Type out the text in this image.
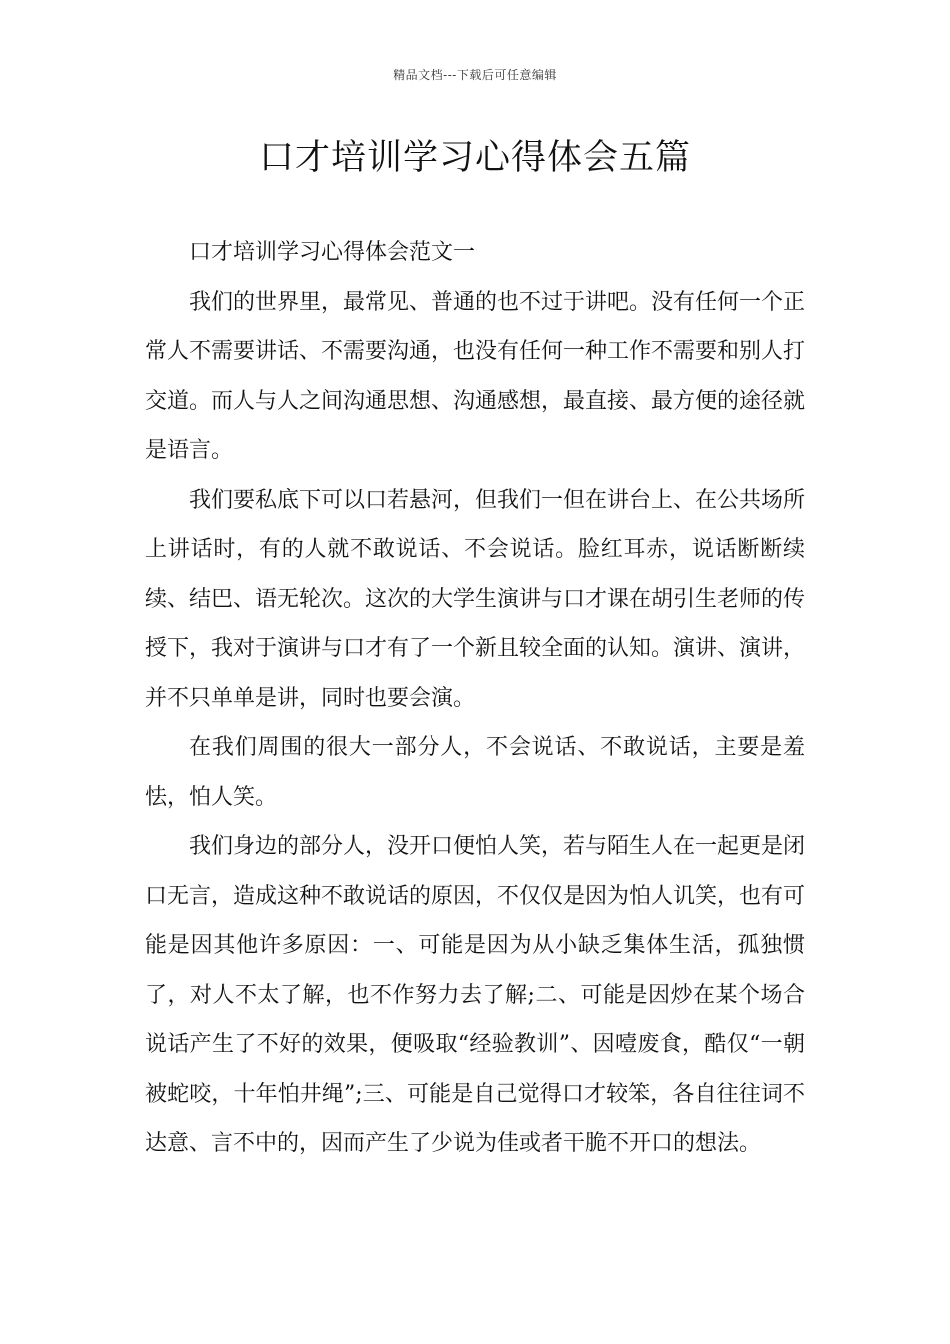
精品文档---下载后可任意编辑
口才培训学习心得体会五篇

口才培训学习心得体会范文一

我们的世界里，最常见、普通的也不过于讲吧。没有任何一个正常人不需要讲话、不需要沟通，也没有任何一种工作不需要和别人打交道。而人与人之间沟通思想、沟通感想，最直接、最方便的途径就是语言。

我们要私底下可以口若悬河，但我们一但在讲台上、在公共场所上讲话时，有的人就不敢说话、不会说话。脸红耳赤，说话断断续续、结巴、语无轮次。这次的大学生演讲与口才课在胡引生老师的传授下，我对于演讲与口才有了一个新且较全面的认知。演讲、演讲，并不只单单是讲，同时也要会演。

在我们周围的很大一部分人，不会说话、不敢说话，主要是羞怯，怕人笑。

我们身边的部分人，没开口便怕人笑，若与陌生人在一起更是闭口无言，造成这种不敢说话的原因，不仅仅是因为怕人讥笑，也有可能是因其他许多原因：一、可能是因为从小缺乏集体生活，孤独惯了，对人不太了解，也不作努力去了解;二、可能是因炒在某个场合说话产生了不好的效果，便吸取“经验教训”、因噎废食，酷仅“一朝被蛇咬，十年怕井绳”;三、可能是自己觉得口才较笨，各自往往词不达意、言不中的，因而产生了少说为佳或者干脆不开口的想法。
